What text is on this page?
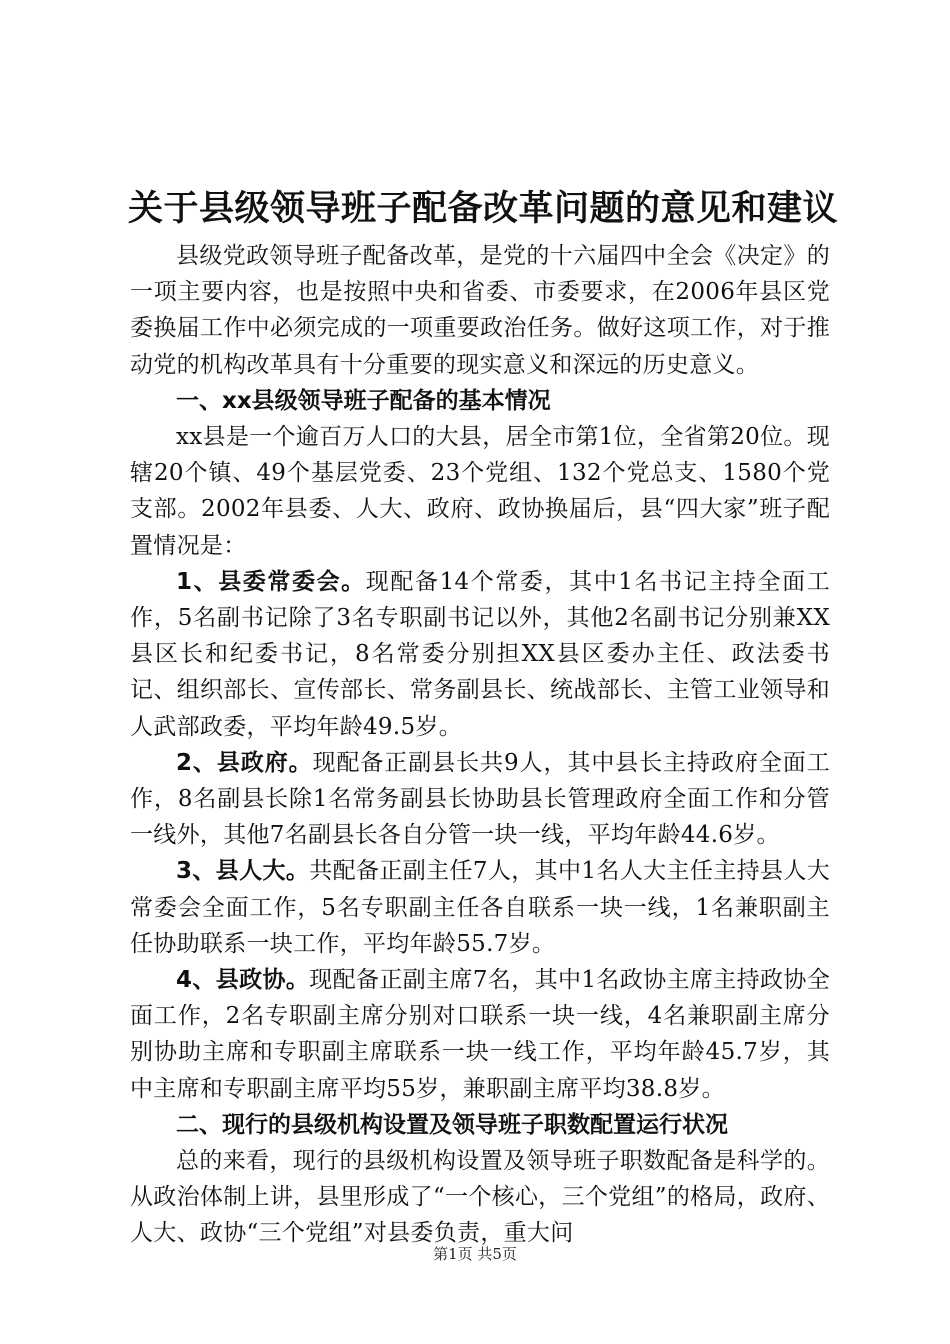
关于县级领导班子配备改革问题的意见和建议

县级党政领导班子配备改革，是党的十六届四中全会《决定》的一项主要内容，也是按照中央和省委、市委要求，在2006年县区党委换届工作中必须完成的一项重要政治任务。做好这项工作，对于推动党的机构改革具有十分重要的现实意义和深远的历史意义。

一、xx县级领导班子配备的基本情况

xx县是一个逾百万人口的大县，居全市第1位，全省第20位。现辖20个镇、49个基层党委、23个党组、132个党总支、1580个党支部。2002年县委、人大、政府、政协换届后，县“四大家”班子配置情况是：

1、县委常委会。现配备14个常委，其中1名书记主持全面工作，5名副书记除了3名专职副书记以外，其他2名副书记分别兼XX县区长和纪委书记，8名常委分别担XX县区委办主任、政法委书记、组织部长、宣传部长、常务副县长、统战部长、主管工业领导和人武部政委，平均年龄49.5岁。

2、县政府。现配备正副县长共9人，其中县长主持政府全面工作，8名副县长除1名常务副县长协助县长管理政府全面工作和分管一线外，其他7名副县长各自分管一块一线，平均年龄44.6岁。

3、县人大。共配备正副主任7人，其中1名人大主任主持县人大常委会全面工作，5名专职副主任各自联系一块一线，1名兼职副主任协助联系一块工作，平均年龄55.7岁。

4、县政协。现配备正副主席7名，其中1名政协主席主持政协全面工作，2名专职副主席分别对口联系一块一线，4名兼职副主席分别协助主席和专职副主席联系一块一线工作，平均年龄45.7岁，其中主席和专职副主席平均55岁，兼职副主席平均38.8岁。

二、现行的县级机构设置及领导班子职数配置运行状况

总的来看，现行的县级机构设置及领导班子职数配备是科学的。从政治体制上讲，县里形成了“一个核心，三个党组”的格局，政府、人大、政协“三个党组”对县委负责，重大问

第1页 共5页
